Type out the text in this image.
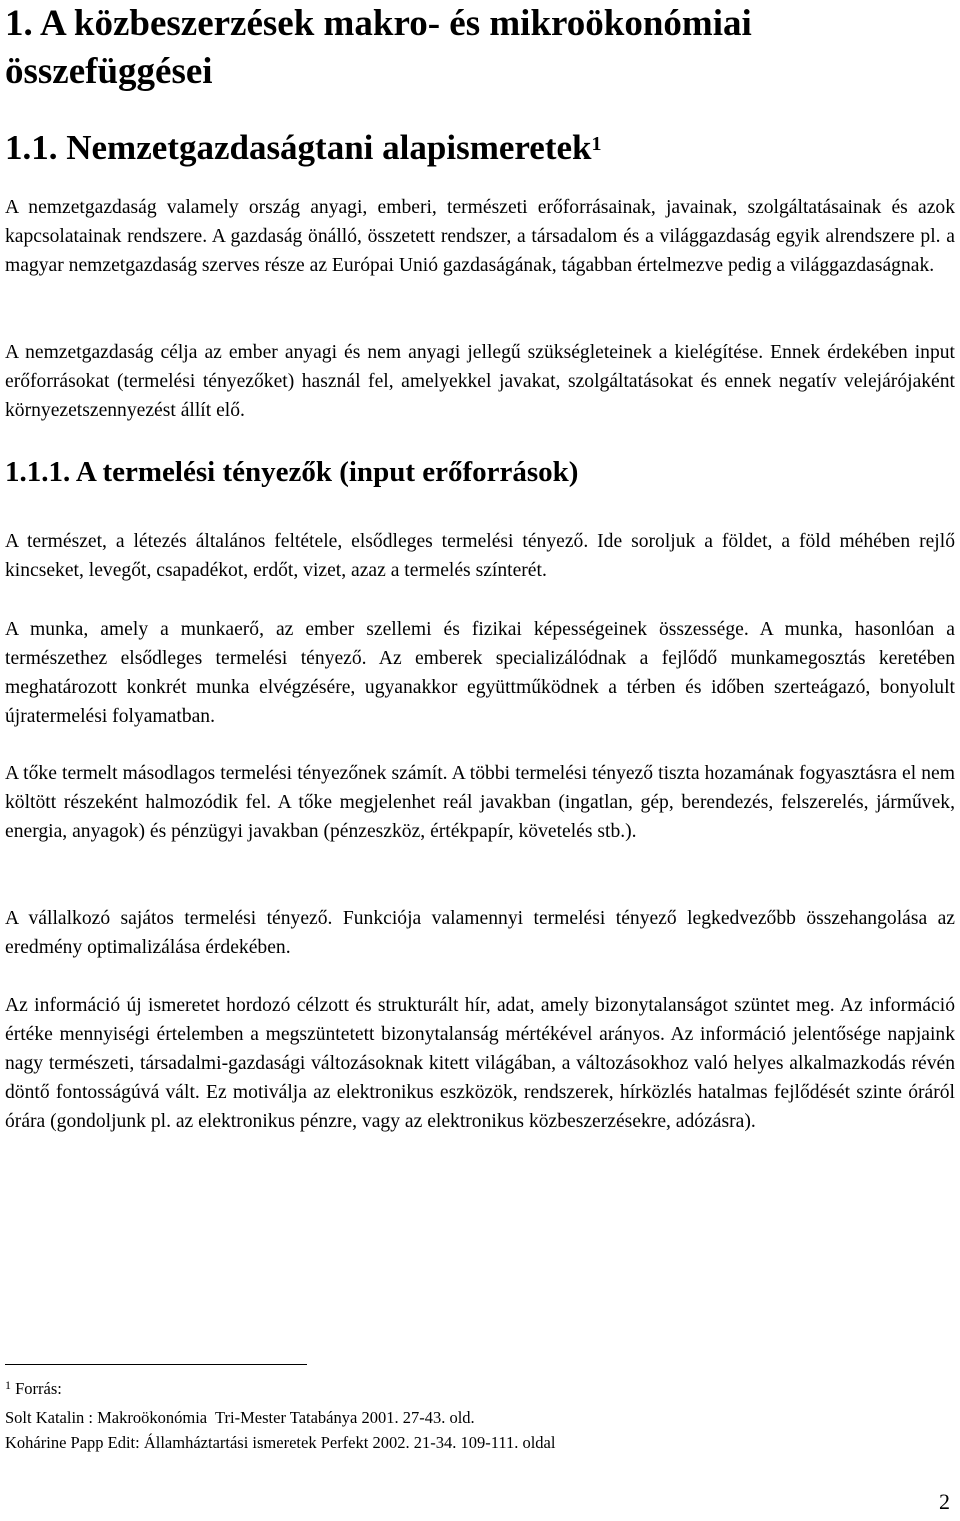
1. A közbeszerzések makro- és mikroökonómiai
összefüggései
1.1. Nemzetgazdaságtani alapismeretek$^1$

A nemzetgazdaság valamely ország anyagi, emberi, természeti erőforrásainak, javainak, szolgáltatásainak és azok kapcsolatainak rendszere. A gazdaság önálló, összetett rendszer, a társadalom és a világgazdaság egyik alrendszere pl. a magyar nemzetgazdaság szerves része az Európai Unió gazdaságának, tágabban értelmezve pedig a világgazdaságnak.

A nemzetgazdaság célja az ember anyagi és nem anyagi jellegű szükségleteinek a kielégítése. Ennek érdekében input erőforrásokat (termelési tényezőket) használ fel, amelyekkel javakat, szolgáltatásokat és ennek negatív velejárójaként környezetszennyezést állít elő.

1.1.1. A termelési tényezők (input erőforrások)

A természet, a létezés általános feltétele, elsődleges termelési tényező. Ide soroljuk a földet, a föld méhében rejlő kincseket, levegőt, csapadékot, erdőt, vizet, azaz a termelés színterét.

A munka, amely a munkaerő, az ember szellemi és fizikai képességeinek összessége. A munka, hasonlóan a természethez elsődleges termelési tényező. Az emberek specializálódnak a fejlődő munkamegosztás keretében meghatározott konkrét munka elvégzésére, ugyanakkor együttműködnek a térben és időben szerteágazó, bonyolult újratermelési folyamatban.

A tőke termelt másodlagos termelési tényezőnek számít. A többi termelési tényező tiszta hozamának fogyasztásra el nem költött részeként halmozódik fel. A tőke megjelenhet reál javakban (ingatlan, gép, berendezés, felszerelés, járművek, energia, anyagok) és pénzügyi javakban (pénzeszköz, értékpapír, követelés stb.).

A vállalkozó sajátos termelési tényező. Funkciója valamennyi termelési tényező legkedvezőbb összehangolása az eredmény optimalizálása érdekében.

Az információ új ismeretet hordozó célzott és strukturált hír, adat, amely bizonytalanságot szüntet meg. Az információ értéke mennyiségi értelemben a megszüntetett bizonytalanság mértékével arányos. Az információ jelentősége napjaink nagy természeti, társadalmi-gazdasági változásoknak kitett világában, a változásokhoz való helyes alkalmazkodás révén döntő fontosságúvá vált. Ez motiválja az elektronikus eszközök, rendszerek, hírközlés hatalmas fejlődését szinte óráról órára (gondoljunk pl. az elektronikus pénzre, vagy az elektronikus közbeszerzésekre, adózásra).

$^1$ Forrás:

Solt Katalin : Makroökonómia  Tri-Mester Tatabánya 2001. 27-43. old.

Kohárine Papp Edit: Államháztartási ismeretek Perfekt 2002. 21-34. 109-111. oldal

2
